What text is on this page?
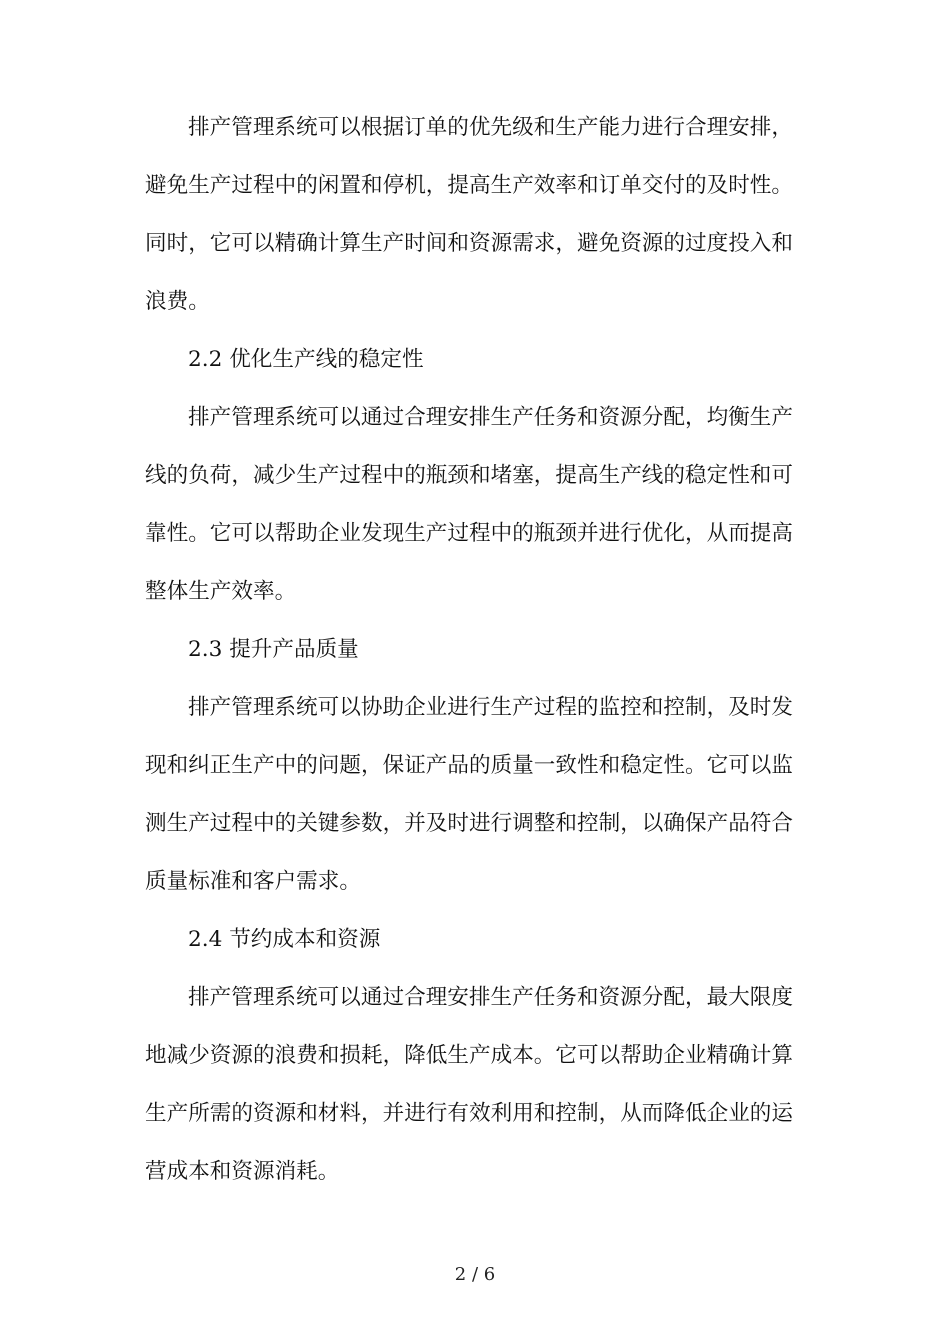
排产管理系统可以根据订单的优先级和生产能力进行合理安排，避免生产过程中的闲置和停机，提高生产效率和订单交付的及时性。同时，它可以精确计算生产时间和资源需求，避免资源的过度投入和浪费。

2.2 优化生产线的稳定性

排产管理系统可以通过合理安排生产任务和资源分配，均衡生产线的负荷，减少生产过程中的瓶颈和堵塞，提高生产线的稳定性和可靠性。它可以帮助企业发现生产过程中的瓶颈并进行优化，从而提高整体生产效率。

2.3 提升产品质量

排产管理系统可以协助企业进行生产过程的监控和控制，及时发现和纠正生产中的问题，保证产品的质量一致性和稳定性。它可以监测生产过程中的关键参数，并及时进行调整和控制，以确保产品符合质量标准和客户需求。

2.4 节约成本和资源

排产管理系统可以通过合理安排生产任务和资源分配，最大限度地减少资源的浪费和损耗，降低生产成本。它可以帮助企业精确计算生产所需的资源和材料，并进行有效利用和控制，从而降低企业的运营成本和资源消耗。

2 / 6
